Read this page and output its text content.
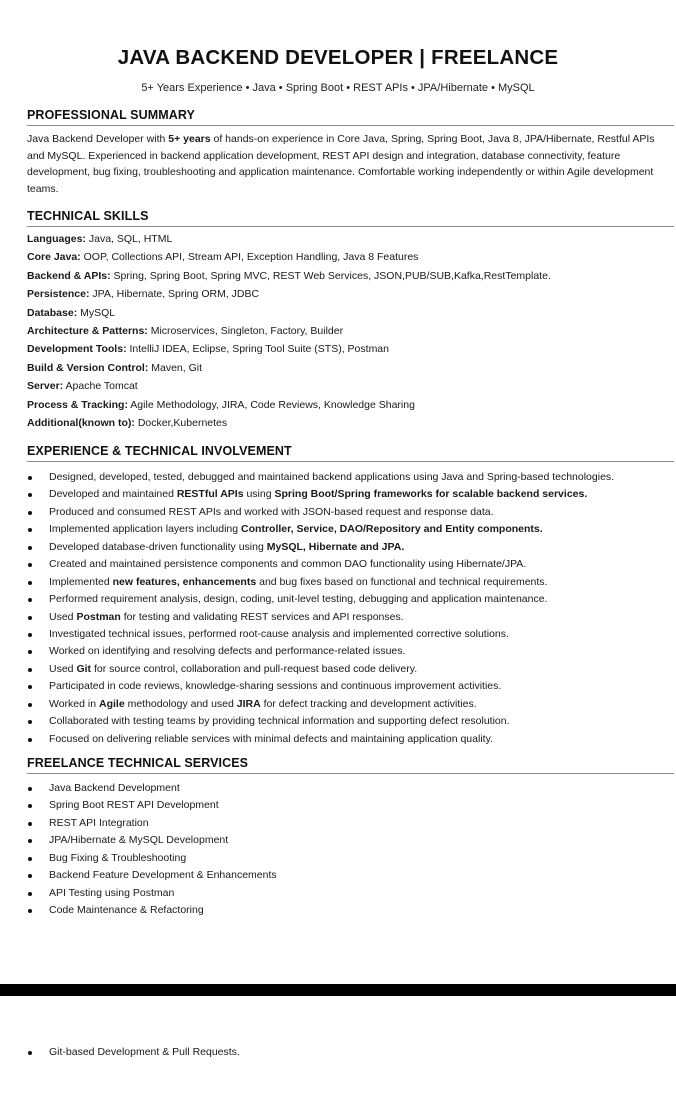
JAVA BACKEND DEVELOPER | FREELANCE
5+ Years Experience • Java • Spring Boot • REST APIs • JPA/Hibernate • MySQL
PROFESSIONAL SUMMARY

Java Backend Developer with 5+ years of hands-on experience in Core Java, Spring, Spring Boot, Java 8, JPA/Hibernate, Restful APIs and MySQL. Experienced in backend application development, REST API design and integration, database connectivity, feature development, bug fixing, troubleshooting and application maintenance. Comfortable working independently or within Agile development teams.

TECHNICAL SKILLS
Languages: Java, SQL, HTML
Core Java: OOP, Collections API, Stream API, Exception Handling, Java 8 Features
Backend & APIs: Spring, Spring Boot, Spring MVC, REST Web Services, JSON,PUB/SUB,Kafka,RestTemplate.
Persistence: JPA, Hibernate, Spring ORM, JDBC
Database: MySQL
Architecture & Patterns: Microservices, Singleton, Factory, Builder
Development Tools: IntelliJ IDEA, Eclipse, Spring Tool Suite (STS), Postman
Build & Version Control: Maven, Git
Server: Apache Tomcat
Process & Tracking: Agile Methodology, JIRA, Code Reviews, Knowledge Sharing
Additional(known to): Docker,Kubernetes
EXPERIENCE & TECHNICAL INVOLVEMENT
Designed, developed, tested, debugged and maintained backend applications using Java and Spring-based technologies.
Developed and maintained RESTful APIs using Spring Boot/Spring frameworks for scalable backend services.
Produced and consumed REST APIs and worked with JSON-based request and response data.
Implemented application layers including Controller, Service, DAO/Repository and Entity components.
Developed database-driven functionality using MySQL, Hibernate and JPA.
Created and maintained persistence components and common DAO functionality using Hibernate/JPA.
Implemented new features, enhancements and bug fixes based on functional and technical requirements.
Performed requirement analysis, design, coding, unit-level testing, debugging and application maintenance.
Used Postman for testing and validating REST services and API responses.
Investigated technical issues, performed root-cause analysis and implemented corrective solutions.
Worked on identifying and resolving defects and performance-related issues.
Used Git for source control, collaboration and pull-request based code delivery.
Participated in code reviews, knowledge-sharing sessions and continuous improvement activities.
Worked in Agile methodology and used JIRA for defect tracking and development activities.
Collaborated with testing teams by providing technical information and supporting defect resolution.
Focused on delivering reliable services with minimal defects and maintaining application quality.
FREELANCE TECHNICAL SERVICES
Java Backend Development
Spring Boot REST API Development
REST API Integration
JPA/Hibernate & MySQL Development
Bug Fixing & Troubleshooting
Backend Feature Development & Enhancements
API Testing using Postman
Code Maintenance & Refactoring
Git-based Development & Pull Requests.
